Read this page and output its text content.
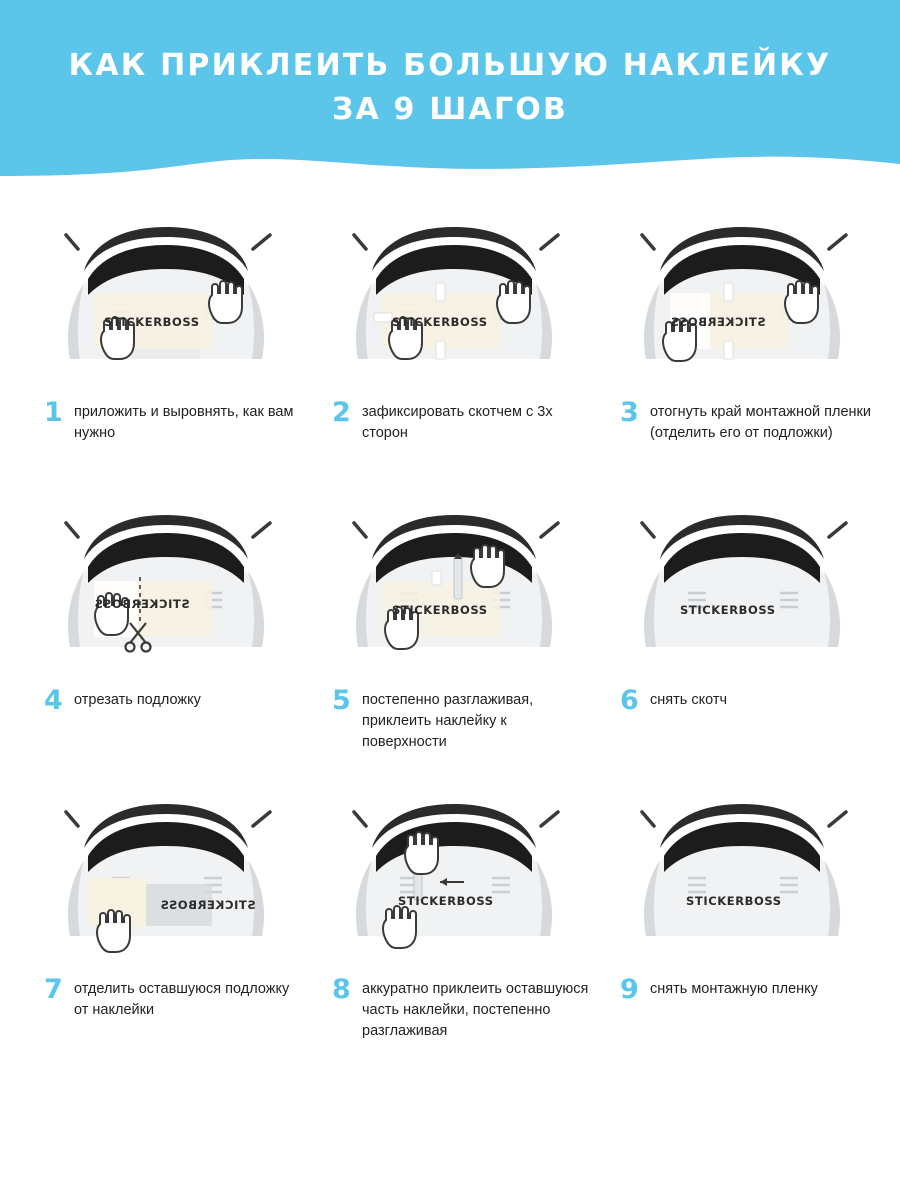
КАК ПРИКЛЕИТЬ БОЛЬШУЮ НАКЛЕЙКУ
ЗА 9 ШАГОВ
STICKERBOSS
1 приложить и выровнять, как вам нужно
STICKERBOSS
2 зафиксировать скотчем с 3х сторон
STICKERBOSS
3 отогнуть край монтажной пленки (отделить его от подложки)
STICKERBOSS
4 отрезать подложку
STICKERBOSS
5 постепенно разглаживая, приклеить наклейку к поверхности
STICKERBOSS
6 снять скотч
STICKERBOSS
7 отделить оставшуюся подложку от наклейки
STICKERBOSS
8 аккуратно приклеить оставшуюся часть наклейки, постепенно разглаживая
STICKERBOSS
9 снять монтажную пленку
